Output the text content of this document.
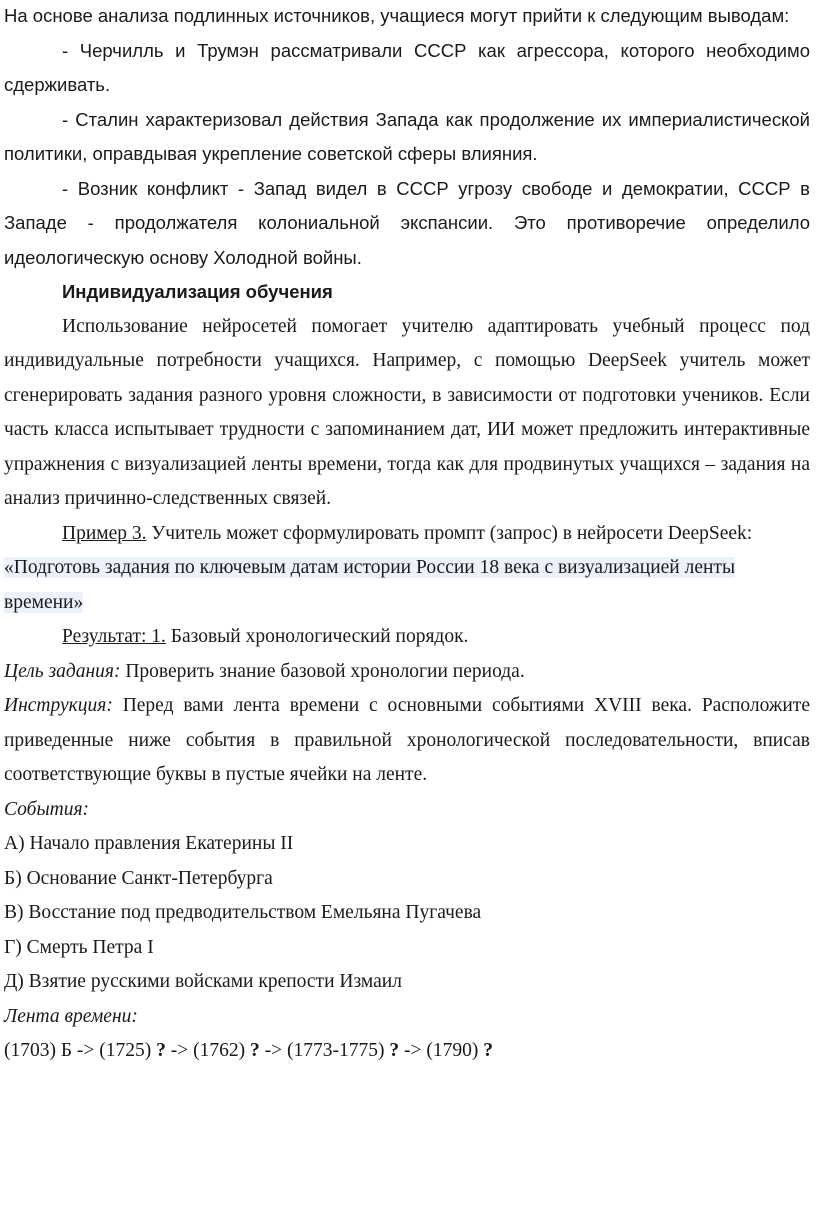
На основе анализа подлинных источников, учащиеся могут прийти к следующим выводам:

- Черчилль и Трумэн рассматривали СССР как агрессора, которого необходимо сдерживать.

- Сталин характеризовал действия Запада как продолжение их империалистической политики, оправдывая укрепление советской сферы влияния.

- Возник конфликт - Запад видел в СССР угрозу свободе и демократии, СССР в Западе - продолжателя колониальной экспансии. Это противоречие определило идеологическую основу Холодной войны.

Индивидуализация обучения

Использование нейросетей помогает учителю адаптировать учебный процесс под индивидуальные потребности учащихся. Например, с помощью DeepSeek учитель может сгенерировать задания разного уровня сложности, в зависимости от подготовки учеников. Если часть класса испытывает трудности с запоминанием дат, ИИ может предложить интерактивные упражнения с визуализацией ленты времени, тогда как для продвинутых учащихся – задания на анализ причинно-следственных связей.

Пример 3. Учитель может сформулировать промпт (запрос) в нейросети DeepSeek:

«Подготовь задания по ключевым датам истории России 18 века с визуализацией ленты времени»

Результат: 1. Базовый хронологический порядок.

Цель задания: Проверить знание базовой хронологии периода.

Инструкция: Перед вами лента времени с основными событиями XVIII века. Расположите приведенные ниже события в правильной хронологической последовательности, вписав соответствующие буквы в пустые ячейки на ленте.

События:

А) Начало правления Екатерины II

Б) Основание Санкт-Петербурга

В) Восстание под предводительством Емельяна Пугачева

Г) Смерть Петра I

Д) Взятие русскими войсками крепости Измаил

Лента времени:

(1703) Б -> (1725) ? -> (1762) ? -> (1773-1775) ? -> (1790) ?
